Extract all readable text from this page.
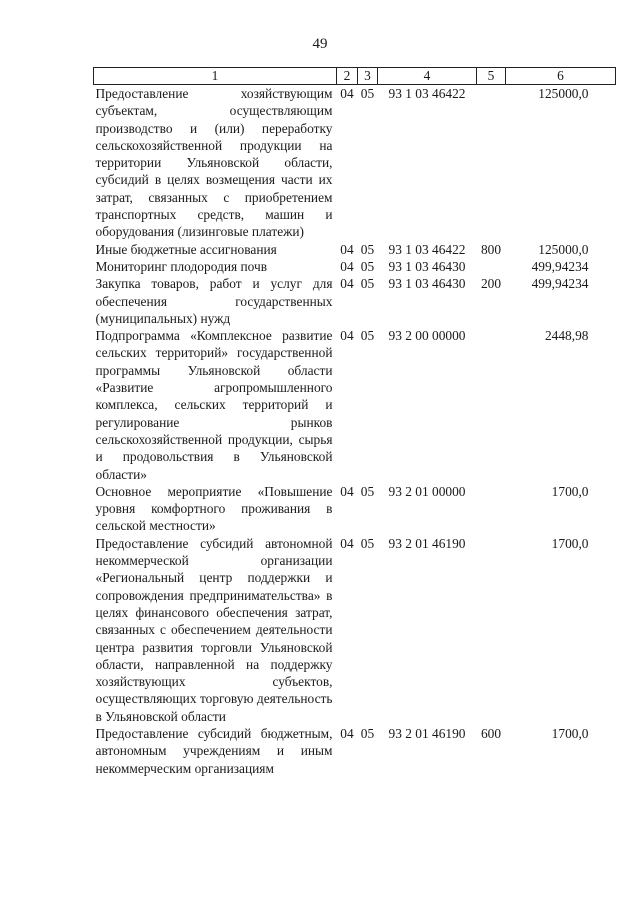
49
1	2	3	4	5	6
Предоставление хозяйствующим субъектам, осуществляющим производство и (или) переработку сельскохозяйственной продукции на территории Ульяновской области, субсидий в целях возмещения части их затрат, связанных с приобретением транспортных средств, машин и оборудования (лизинговые платежи)	04	05	93 1 03 46422		125000,0
Иные бюджетные ассигнования	04	05	93 1 03 46422	800	125000,0
Мониторинг плодородия почв	04	05	93 1 03 46430		499,94234
Закупка товаров, работ и услуг для обеспечения государственных (муниципальных) нужд	04	05	93 1 03 46430	200	499,94234
Подпрограмма «Комплексное развитие сельских территорий» государственной программы Ульяновской области «Развитие агропромышленного комплекса, сельских территорий и регулирование рынков сельскохозяйственной продукции, сырья и продовольствия в Ульяновской области»	04	05	93 2 00 00000		2448,98
Основное мероприятие «Повышение уровня комфортного проживания в сельской местности»	04	05	93 2 01 00000		1700,0
Предоставление субсидий автономной некоммерческой организации «Региональный центр поддержки и сопровождения предпринимательства» в целях финансового обеспечения затрат, связанных с обеспечением деятельности центра развития торговли Ульяновской области, направленной на поддержку хозяйствующих субъектов, осуществляющих торговую деятельность в Ульяновской области	04	05	93 2 01 46190		1700,0
Предоставление субсидий бюджетным, автономным учреждениям и иным некоммерческим организациям	04	05	93 2 01 46190	600	1700,0
